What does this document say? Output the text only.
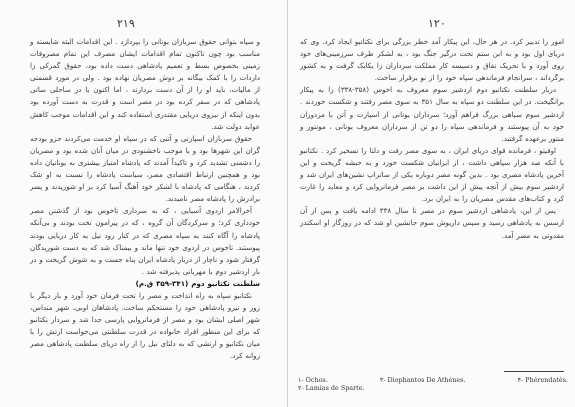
۲۱۹

و سپاه بتوانی حقوق سربازان یونانی را بپردازد . این اقدامات البته شایسته و مناسب بود چون تاکنون تمام اقدامات ایشان مصرف این تمام مصروفات زمینی بخصوص بسط و تعمیم پادشاهی دست داده بود، حقوق گمرکی را داردات را با کمک بیگانه بر دوش مصریان نهاده بود . ولی در مورد قسمتی از مالیات، باید او را از آن دست بردارند ، اما اکنون یا در ساحلی ساتی پادشاهی که در سفر کرده بود در مصر است و قدرت به دست آورده بود بدون اینکه از نیروی دریایی مقتدری استفاده کند و این اقدامات موجب کاهش عواید دولت شد.

حقوق سربازان اسپارتی و آتنی که در سپاه او خدمت می‌کردند جزو بودجه گران این شهرها بود و یا موجب ناخشنودی در میان آنان شده بود و مصریان را دشمنی تشدید کرد و تاکیداً آمدند که پادشاه امتیاز بیشتری به یونانیان داده بود و همچنین ارتباط اقتصادی مصر، سیاست پادشاه را نسبت به او شک کردند ، هنگامی که پادشاه با لشکر خود آهنگ آسیا کرد بر او شوریدند و پسر برادرش را پادشاه مصر نامیدند.

آخرالامر اردوی آسیایی ، که به سرداری تاخوس بود از گذشتن مصر خودداری کرد؛ و سرکردگان آن گروه ، که در پیرامون تخت بودند و بی‌آنکه پادشاه را آگاه کنند به سپاه مصری که در کنار رود نیل به کار دریایی بودند پیوستند. تاخوس در اردوی خود تنها ماند و بیمناک شد که به دست شوریدگان گرفتار شود و ناچار از دربار پادشاه ایران پناه جست و به شوش گریخت و در بار اردشیر دوم با مهربانی پذیرفته شد .

سلطنت نکتانبو دوم (۳۴۱-۳۵۹ ق.م)

نکتانبو سپاه به راه انداخت و مصر را تحت فرمان خود آورد و بار دیگر با زور و نیرو پادشاهی خود را مستحکم ساخت. پادشاهان اوبی، شهر منداس، شهر اصلی ایشان بود و مصر از فرمانروایی پارسی جدا شد و سردار نکتانبو که برای این منظور افراد خانواده در قدرت سلطنتی می‌خواست ارتش را با میان نکتانبو و ارتشی که به دلتای نیل را از راه دریای سلطنت پادشاهی مصر روانه کرد.

۱۲۰

امور را تدبیر کرد. در هر حال، این پیکار آمد خطر بزرگی برای نکتانبو ایجاد کرد. وی که دریای اول بود و به ابن ستم تحت درگیر جنگ بود ، به لشکر طرف سرزمینی‌های خود روی آورد و با تحریک نفاق و دسیسه کار مملکت سرداران را یکایک گرفت و به کشور برگرداند ، سرانجام فرماندهی سپاه خود را از نو برقرار ساخت.

دربار سلطنت نکتانبو دوم اردشیر سوم معروف به اخوس (۳۵۸-۳۳۸) را به پیکار برانگیخت. در این سلطنت دو سپاه به سال ۳۵۱ به سوی مصر رفتند و شکست خوردند . اردشیر سوم سپاهی بزرگ فراهم آورد؛ سرداران یونانی از اسپارت و آتن با مزدوران خود به آن پیوستند و فرماندهی سپاه را دو تن از سرداران معروف یونانی ، مونتور و منتور برعهده گرفتند.

اوفیتو ، فرمانده قوای دریای ایران ، به سوی مصر رفت و دلتا را تسخیر کرد . نکتانبو با آنکه صد هزار سپاهی داشت ، از ایرانیان شکست خورد و به حبشه گریخت و این آخرین پادشاه مصری بود . بدین گونه مصر دوباره یکی از ساتراپ نشین‌های ایران شد و اردشیر سوم بیش از آنچه پیش از این داشت بر مصر فرمانروایی کرد و معابد را غارت کرد و کتاب‌های مقدس مصریان را به ایران برد.

پس از این، پادشاهی اردشیر سوم در مصر تا سال ۳۳۸ ادامه یافت و پس از آن ارسس به پادشاهی رسید و سپس داریوش سوم جانشین او شد که در روزگار او اسکندر مقدونی به مصر آمد.

۱- Ochos.	۳- Diophantos De Athènes.	۴- Phérendatès.
۲- Lamias de Sparte.
